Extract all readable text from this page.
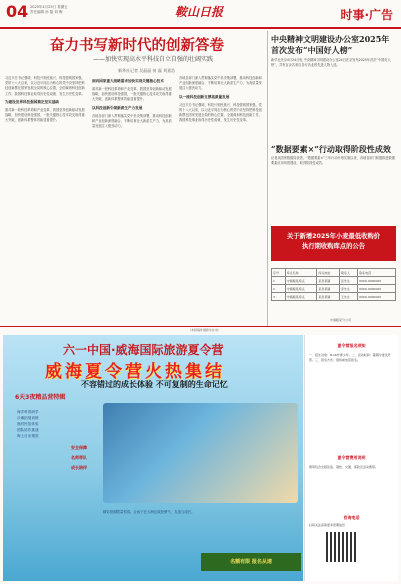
04 2025年4月25日 星期五
责任编辑 孙 磊 刘 梅	鞍山日报	时事·广告
奋力书写新时代的创新答卷
——加快实现高水平科技自立自强的壮阔实践
新华社记者 吴晶晶 何 磊 刘嘉浩
习近平总书记强调，科技兴则民族兴，科技强则国家强。党的十八大以来，以习近平同志为核心的党中央坚持把科技创新摆在国家发展全局的核心位置，全面谋划科技创新工作，我国科技事业取得历史性成就、发生历史性变革。
为建设世界科技强国奠定坚实基础
面对新一轮科技革命和产业变革，我国坚持创新驱动发展战略，加快建设科技强国，一批关键核心技术攻关取得重大突破，创新体系整体效能显著提升。
面向国家重大战略需求加快实现关键核心技术
面对新一轮科技革命和产业变革，我国坚持创新驱动发展战略，加快建设科技强国，一批关键核心技术攻关取得重大突破，创新体系整体效能显著提升。
以科技创新引领新质生产力发展
各地各部门深入贯彻落实党中央决策部署，推动科技创新和产业创新深度融合，不断培育壮大新质生产力，为高质量发展注入强劲动力。
各地各部门深入贯彻落实党中央决策部署，推动科技创新和产业创新深度融合，不断培育壮大新质生产力，为高质量发展注入强劲动力。
以一流科技创新支撑高质量发展
习近平总书记强调，科技兴则民族兴，科技强则国家强。党的十八大以来，以习近平同志为核心的党中央坚持把科技创新摆在国家发展全局的核心位置，全面谋划科技创新工作，我国科技事业取得历史性成就、发生历史性变革。
中央精神文明建设办公室2025年
首次发布“中国好人榜”
新华社北京4月24日电 中央精神文明建设办公室24日在京发布2025年首次“中国好人榜”，共有百余名来自各行各业的先进人物入选。
“数据要素×”行动取得阶段性成效
记者从国家数据局获悉，“数据要素×”三年行动计划实施以来，各地各部门积极推进数据要素应用场景建设，取得阶段性成效。
关于新增2025年小麦最低收购价
执行期收购库点的公告
序号	库点名称	库点地址	联系人	联系电话
1	中储粮某库点	某县某镇	张先生	0000-0000000
2	中储粮某库点	某县某镇	李先生	0000-0000000
3	中储粮某库点	某县某镇	王先生	0000-0000000
中储粮某分公司
（本版稿件据新华社电）
六一中国·威海国际旅游夏令营
威海夏令营火热集结
不容错过的成长体验 不可复制的生命记忆
6天3夜精品营特辑
海洋科普研学
沙滩拓展训练
渔村民俗体验
团队协作挑战
海上日出观赏
安全保障
名师带队
成长陪伴
精彩营期限量招募，让孩子在大海边收获勇气、友谊与成长。
名额有限 报名从速
夏令营报名须知
一、招生对象：8-16岁青少年。二、活动时间：暑期分批次开营。三、报名方式：现场或电话报名。
夏令营费用说明
费用包含全程住宿、餐饮、交通、保险及活动费用。
咨询电话
扫码关注获取更多营期信息
